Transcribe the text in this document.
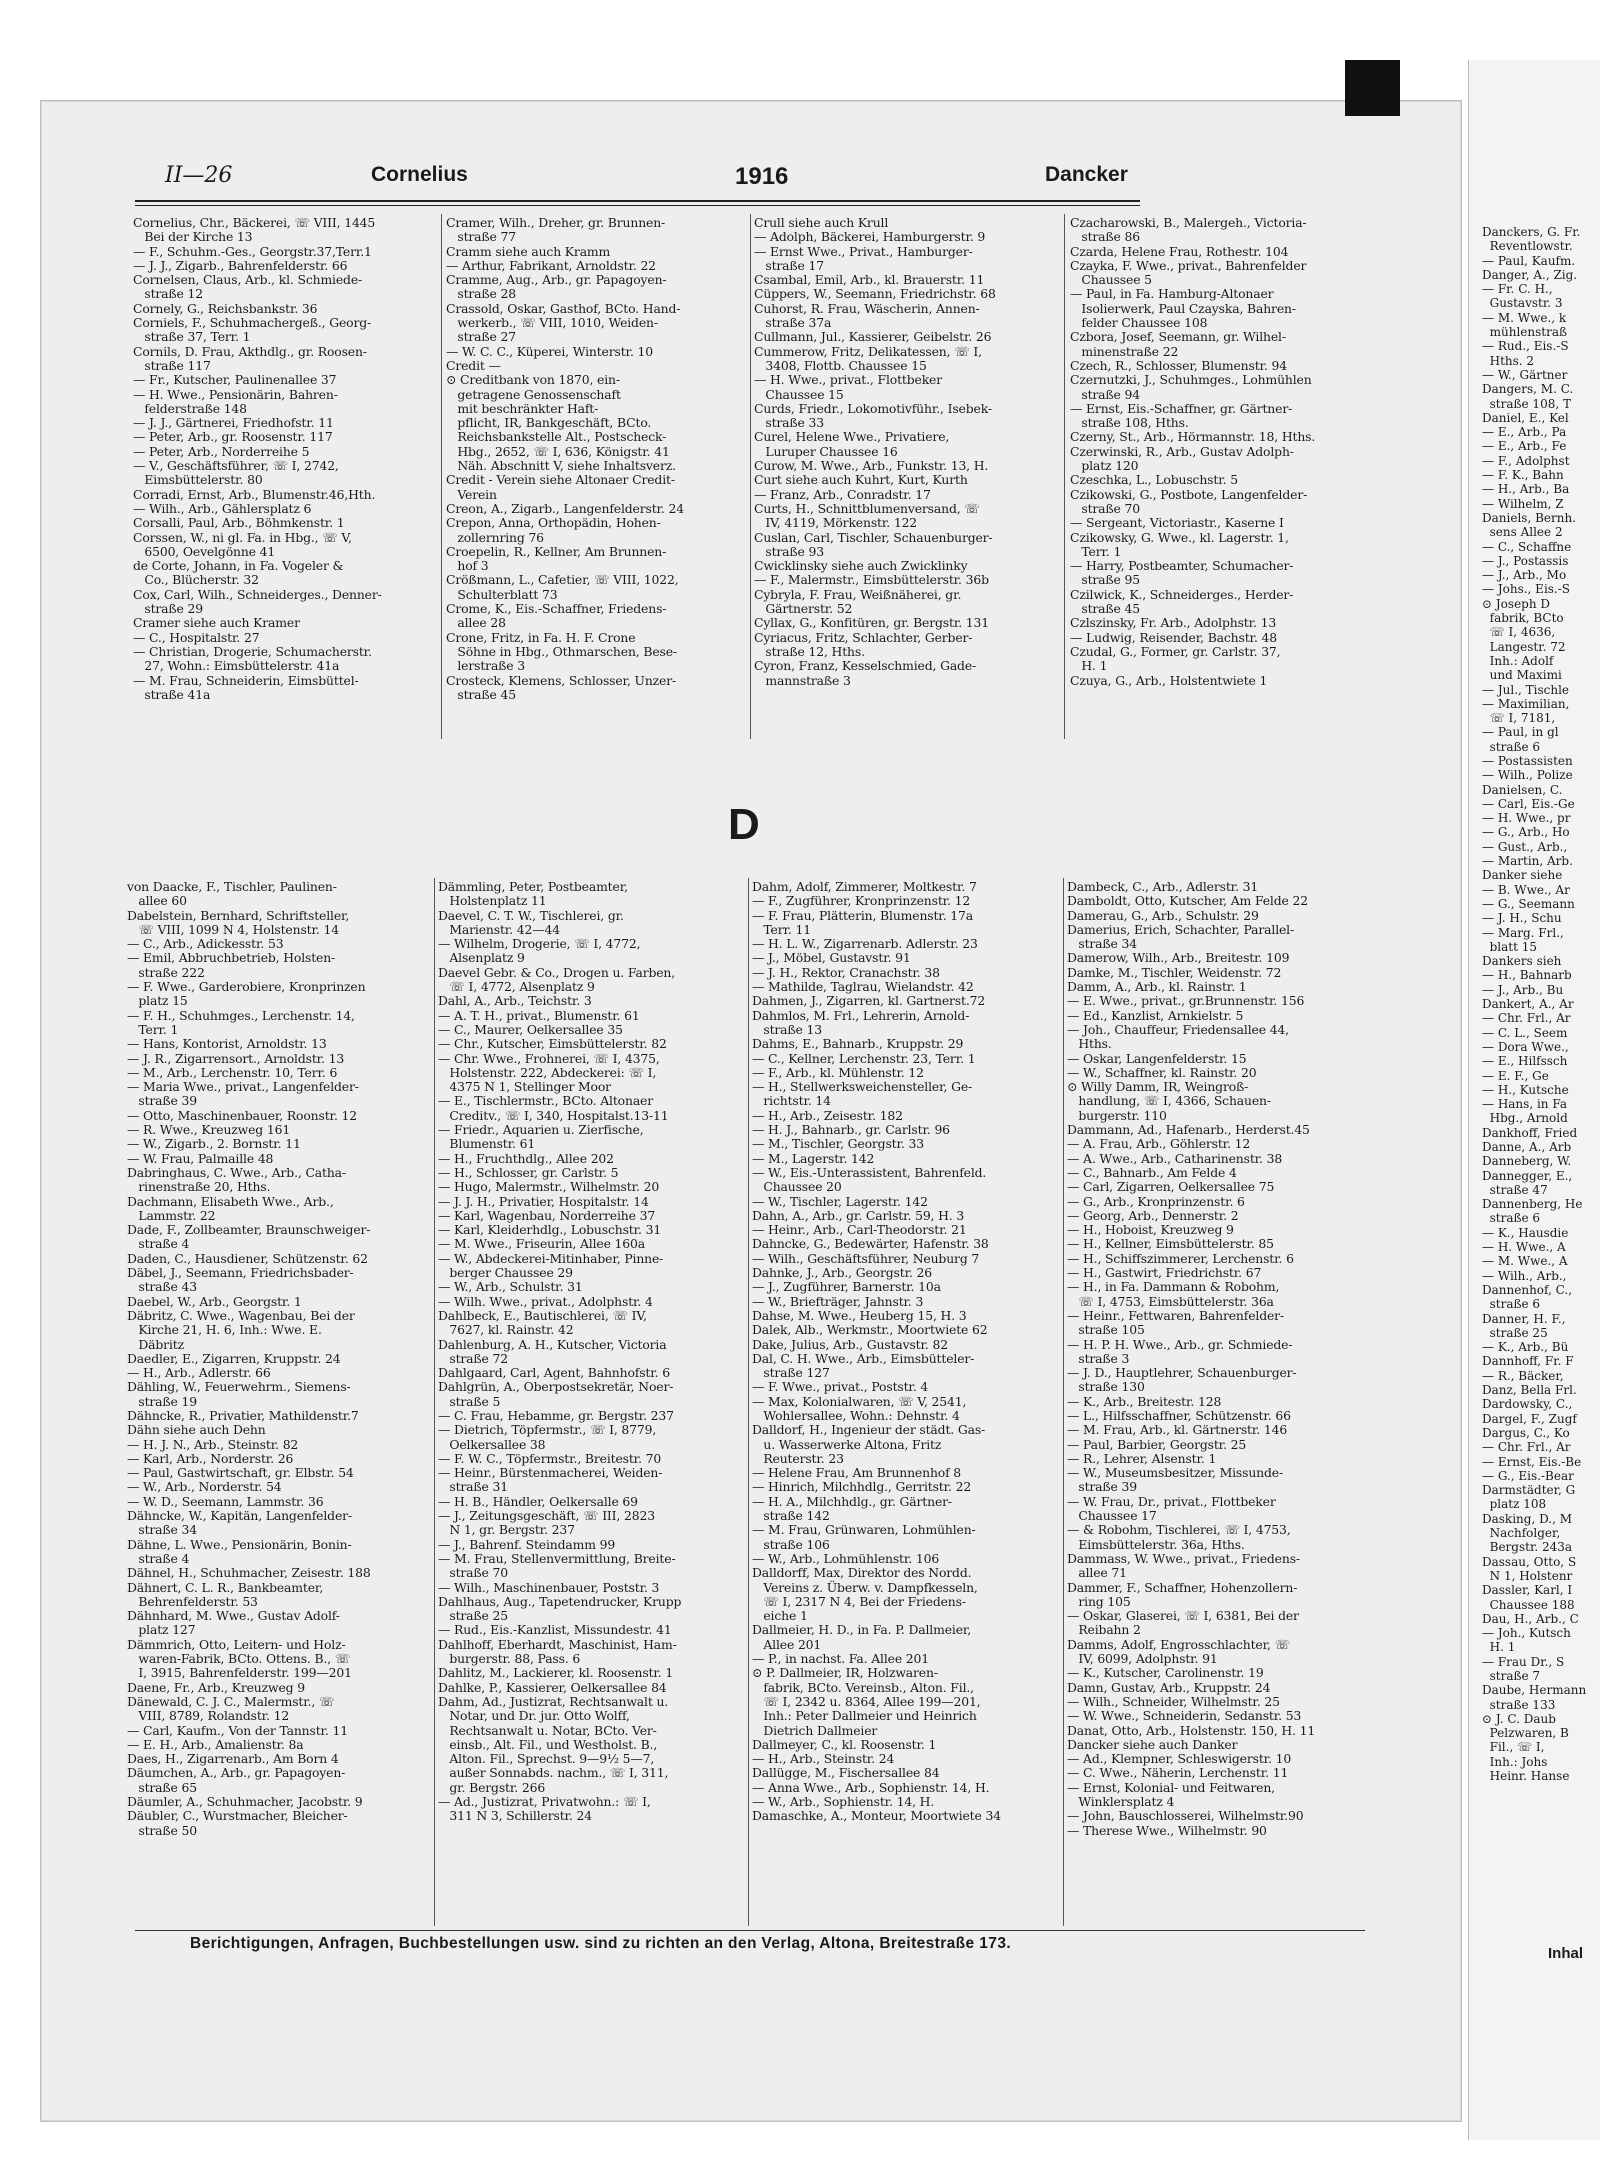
II—26	Cornelius	1916	Dancker
Cornelius, Chr., Bäckerei, ☏ VIII, 1445
Bei der Kirche 13
— F., Schuhm.-Ges., Georgstr.37,Terr.1
— J. J., Zigarb., Bahrenfelderstr. 66
Cornelsen, Claus, Arb., kl. Schmiede-
straße 12
Cornely, G., Reichsbankstr. 36
Corniels, F., Schuhmachergeß., Georg-
straße 37, Terr. 1
Cornils, D. Frau, Akthdlg., gr. Roosen-
straße 117
— Fr., Kutscher, Paulinenallee 37
— H. Wwe., Pensionärin, Bahren-
felderstraße 148
— J. J., Gärtnerei, Friedhofstr. 11
— Peter, Arb., gr. Roosenstr. 117
— Peter, Arb., Norderreihe 5
— V., Geschäftsführer, ☏ I, 2742,
Eimsbüttelerstr. 80
Corradi, Ernst, Arb., Blumenstr.46,Hth.
— Wilh., Arb., Gählersplatz 6
Corsalli, Paul, Arb., Böhmkenstr. 1
Corssen, W., ni gl. Fa. in Hbg., ☏ V,
6500, Oevelgönne 41
de Corte, Johann, in Fa. Vogeler &
Co., Blücherstr. 32
Cox, Carl, Wilh., Schneiderges., Denner-
straße 29
Cramer siehe auch Kramer
— C., Hospitalstr. 27
— Christian, Drogerie, Schumacherstr.
27, Wohn.: Eimsbüttelerstr. 41a
— M. Frau, Schneiderin, Eimsbüttel-
straße 41a
Cramer, Wilh., Dreher, gr. Brunnen-
straße 77
Cramm siehe auch Kramm
— Arthur, Fabrikant, Arnoldstr. 22
Cramme, Aug., Arb., gr. Papagoyen-
straße 28
Crassold, Oskar, Gasthof, BCto. Hand-
werkerb., ☏ VIII, 1010, Weiden-
straße 27
— W. C. C., Küperei, Winterstr. 10
Credit —
⊙ Creditbank von 1870, ein-
getragene Genossenschaft
mit beschränkter Haft-
pflicht, IR, Bankgeschäft, BCto.
Reichsbankstelle Alt., Postscheck-
Hbg., 2652, ☏ I, 636, Königstr. 41
Näh. Abschnitt V, siehe Inhaltsverz.
Credit - Verein siehe Altonaer Credit-
Verein
Creon, A., Zigarb., Langenfelderstr. 24
Crepon, Anna, Orthopädin, Hohen-
zollernring 76
Croepelin, R., Kellner, Am Brunnen-
hof 3
Crößmann, L., Cafetier, ☏ VIII, 1022,
Schulterblatt 73
Crome, K., Eis.-Schaffner, Friedens-
allee 28
Crone, Fritz, in Fa. H. F. Crone
Söhne in Hbg., Othmarschen, Bese-
lerstraße 3
Crosteck, Klemens, Schlosser, Unzer-
straße 45
Crull siehe auch Krull
— Adolph, Bäckerei, Hamburgerstr. 9
— Ernst Wwe., Privat., Hamburger-
straße 17
Csambal, Emil, Arb., kl. Brauerstr. 11
Cüppers, W., Seemann, Friedrichstr. 68
Cuhorst, R. Frau, Wäscherin, Annen-
straße 37a
Cullmann, Jul., Kassierer, Geibelstr. 26
Cummerow, Fritz, Delikatessen, ☏ I,
3408, Flottb. Chaussee 15
— H. Wwe., privat., Flottbeker
Chaussee 15
Curds, Friedr., Lokomotivführ., Isebek-
straße 33
Curel, Helene Wwe., Privatiere,
Luruper Chaussee 16
Curow, M. Wwe., Arb., Funkstr. 13, H.
Curt siehe auch Kuhrt, Kurt, Kurth
— Franz, Arb., Conradstr. 17
Curts, H., Schnittblumenversand, ☏
IV, 4119, Mörkenstr. 122
Cuslan, Carl, Tischler, Schauenburger-
straße 93
Cwicklinsky siehe auch Zwicklinky
— F., Malermstr., Eimsbüttelerstr. 36b
Cybryla, F. Frau, Weißnäherei, gr.
Gärtnerstr. 52
Cyllax, G., Konfitüren, gr. Bergstr. 131
Cyriacus, Fritz, Schlachter, Gerber-
straße 12, Hths.
Cyron, Franz, Kesselschmied, Gade-
mannstraße 3
Czacharowski, B., Malergeh., Victoria-
straße 86
Czarda, Helene Frau, Rothestr. 104
Czayka, F. Wwe., privat., Bahrenfelder
Chaussee 5
— Paul, in Fa. Hamburg-Altonaer
Isolierwerk, Paul Czayska, Bahren-
felder Chaussee 108
Czbora, Josef, Seemann, gr. Wilhel-
minenstraße 22
Czech, R., Schlosser, Blumenstr. 94
Czernutzki, J., Schuhmges., Lohmühlen
straße 94
— Ernst, Eis.-Schaffner, gr. Gärtner-
straße 108, Hths.
Czerny, St., Arb., Hörmannstr. 18, Hths.
Czerwinski, R., Arb., Gustav Adolph-
platz 120
Czeschka, L., Lobuschstr. 5
Czikowski, G., Postbote, Langenfelder-
straße 70
— Sergeant, Victoriastr., Kaserne I
Czikowsky, G. Wwe., kl. Lagerstr. 1,
Terr. 1
— Harry, Postbeamter, Schumacher-
straße 95
Czilwick, K., Schneiderges., Herder-
straße 45
Czlszinsky, Fr. Arb., Adolphstr. 13
— Ludwig, Reisender, Bachstr. 48
Czudal, G., Former, gr. Carlstr. 37,
H. 1
Czuya, G., Arb., Holstentwiete 1
D
von Daacke, F., Tischler, Paulinen-
allee 60
Dabelstein, Bernhard, Schriftsteller,
☏ VIII, 1099 N 4, Holstenstr. 14
— C., Arb., Adickesstr. 53
— Emil, Abbruchbetrieb, Holsten-
straße 222
— F. Wwe., Garderobiere, Kronprinzen
platz 15
— F. H., Schuhmges., Lerchenstr. 14,
Terr. 1
— Hans, Kontorist, Arnoldstr. 13
— J. R., Zigarrensort., Arnoldstr. 13
— M., Arb., Lerchenstr. 10, Terr. 6
— Maria Wwe., privat., Langenfelder-
straße 39
— Otto, Maschinenbauer, Roonstr. 12
— R. Wwe., Kreuzweg 161
— W., Zigarb., 2. Bornstr. 11
— W. Frau, Palmaille 48
Dabringhaus, C. Wwe., Arb., Catha-
rinenstraße 20, Hths.
Dachmann, Elisabeth Wwe., Arb.,
Lammstr. 22
Dade, F., Zollbeamter, Braunschweiger-
straße 4
Daden, C., Hausdiener, Schützenstr. 62
Däbel, J., Seemann, Friedrichsbader-
straße 43
Daebel, W., Arb., Georgstr. 1
Däbritz, C. Wwe., Wagenbau, Bei der
Kirche 21, H. 6, Inh.: Wwe. E.
Däbritz
Daedler, E., Zigarren, Kruppstr. 24
— H., Arb., Adlerstr. 66
Dähling, W., Feuerwehrm., Siemens-
straße 19
Dähncke, R., Privatier, Mathildenstr.7
Dähn siehe auch Dehn
— H. J. N., Arb., Steinstr. 82
— Karl, Arb., Norderstr. 26
— Paul, Gastwirtschaft, gr. Elbstr. 54
— W., Arb., Norderstr. 54
— W. D., Seemann, Lammstr. 36
Dähncke, W., Kapitän, Langenfelder-
straße 34
Dähne, L. Wwe., Pensionärin, Bonin-
straße 4
Dähnel, H., Schuhmacher, Zeisestr. 188
Dähnert, C. L. R., Bankbeamter,
Behrenfelderstr. 53
Dähnhard, M. Wwe., Gustav Adolf-
platz 127
Dämmrich, Otto, Leitern- und Holz-
waren-Fabrik, BCto. Ottens. B., ☏
I, 3915, Bahrenfelderstr. 199—201
Daene, Fr., Arb., Kreuzweg 9
Dänewald, C. J. C., Malermstr., ☏
VIII, 8789, Rolandstr. 12
— Carl, Kaufm., Von der Tannstr. 11
— E. H., Arb., Amalienstr. 8a
Daes, H., Zigarrenarb., Am Born 4
Däumchen, A., Arb., gr. Papagoyen-
straße 65
Däumler, A., Schuhmacher, Jacobstr. 9
Däubler, C., Wurstmacher, Bleicher-
straße 50
Dämmling, Peter, Postbeamter,
Holstenplatz 11
Daevel, C. T. W., Tischlerei, gr.
Marienstr. 42—44
— Wilhelm, Drogerie, ☏ I, 4772,
Alsenplatz 9
Daevel Gebr. & Co., Drogen u. Farben,
☏ I, 4772, Alsenplatz 9
Dahl, A., Arb., Teichstr. 3
— A. T. H., privat., Blumenstr. 61
— C., Maurer, Oelkersallee 35
— Chr., Kutscher, Eimsbüttelerstr. 82
— Chr. Wwe., Frohnerei, ☏ I, 4375,
Holstenstr. 222, Abdeckerei: ☏ I,
4375 N 1, Stellinger Moor
— E., Tischlermstr., BCto. Altonaer
Creditv., ☏ I, 340, Hospitalst.13-11
— Friedr., Aquarien u. Zierfische,
Blumenstr. 61
— H., Fruchthdlg., Allee 202
— H., Schlosser, gr. Carlstr. 5
— Hugo, Malermstr., Wilhelmstr. 20
— J. J. H., Privatier, Hospitalstr. 14
— Karl, Wagenbau, Norderreihe 37
— Karl, Kleiderhdlg., Lobuschstr. 31
— M. Wwe., Friseurin, Allee 160a
— W., Abdeckerei-Mitinhaber, Pinne-
berger Chaussee 29
— W., Arb., Schulstr. 31
— Wilh. Wwe., privat., Adolphstr. 4
Dahlbeck, E., Bautischlerei, ☏ IV,
7627, kl. Rainstr. 42
Dahlenburg, A. H., Kutscher, Victoria
straße 72
Dahlgaard, Carl, Agent, Bahnhofstr. 6
Dahlgrün, A., Oberpostsekretär, Noer-
straße 5
— C. Frau, Hebamme, gr. Bergstr. 237
— Dietrich, Töpfermstr., ☏ I, 8779,
Oelkersallee 38
— F. W. C., Töpfermstr., Breitestr. 70
— Heinr., Bürstenmacherei, Weiden-
straße 31
— H. B., Händler, Oelkersalle 69
— J., Zeitungsgeschäft, ☏ III, 2823
N 1, gr. Bergstr. 237
— J., Bahrenf. Steindamm 99
— M. Frau, Stellenvermittlung, Breite-
straße 70
— Wilh., Maschinenbauer, Poststr. 3
Dahlhaus, Aug., Tapetendrucker, Krupp
straße 25
— Rud., Eis.-Kanzlist, Missundestr. 41
Dahlhoff, Eberhardt, Maschinist, Ham-
burgerstr. 88, Pass. 6
Dahlitz, M., Lackierer, kl. Roosenstr. 1
Dahlke, P., Kassierer, Oelkersallee 84
Dahm, Ad., Justizrat, Rechtsanwalt u.
Notar, und Dr. jur. Otto Wolff,
Rechtsanwalt u. Notar, BCto. Ver-
einsb., Alt. Fil., und Westholst. B.,
Alton. Fil., Sprechst. 9—9½ 5—7,
außer Sonnabds. nachm., ☏ I, 311,
gr. Bergstr. 266
— Ad., Justizrat, Privatwohn.: ☏ I,
311 N 3, Schillerstr. 24
Dahm, Adolf, Zimmerer, Moltkestr. 7
— F., Zugführer, Kronprinzenstr. 12
— F. Frau, Plätterin, Blumenstr. 17a
Terr. 11
— H. L. W., Zigarrenarb. Adlerstr. 23
— J., Möbel, Gustavstr. 91
— J. H., Rektor, Cranachstr. 38
— Mathilde, Taglrau, Wielandstr. 42
Dahmen, J., Zigarren, kl. Gartnerst.72
Dahmlos, M. Frl., Lehrerin, Arnold-
straße 13
Dahms, E., Bahnarb., Kruppstr. 29
— C., Kellner, Lerchenstr. 23, Terr. 1
— F., Arb., kl. Mühlenstr. 12
— H., Stellwerksweichensteller, Ge-
richtstr. 14
— H., Arb., Zeisestr. 182
— H. J., Bahnarb., gr. Carlstr. 96
— M., Tischler, Georgstr. 33
— M., Lagerstr. 142
— W., Eis.-Unterassistent, Bahrenfeld.
Chaussee 20
— W., Tischler, Lagerstr. 142
Dahn, A., Arb., gr. Carlstr. 59, H. 3
— Heinr., Arb., Carl-Theodorstr. 21
Dahncke, G., Bedewärter, Hafenstr. 38
— Wilh., Geschäftsführer, Neuburg 7
Dahnke, J., Arb., Georgstr. 26
— J., Zugführer, Barnerstr. 10a
— W., Briefträger, Jahnstr. 3
Dahse, M. Wwe., Heuberg 15, H. 3
Dalek, Alb., Werkmstr., Moortwiete 62
Dake, Julius, Arb., Gustavstr. 82
Dal, C. H. Wwe., Arb., Eimsbütteler-
straße 127
— F. Wwe., privat., Poststr. 4
— Max, Kolonialwaren, ☏ V, 2541,
Wohlersallee, Wohn.: Dehnstr. 4
Dalldorf, H., Ingenieur der städt. Gas-
u. Wasserwerke Altona, Fritz
Reuterstr. 23
— Helene Frau, Am Brunnenhof 8
— Hinrich, Milchhdlg., Gerritstr. 22
— H. A., Milchhdlg., gr. Gärtner-
straße 142
— M. Frau, Grünwaren, Lohmühlen-
straße 106
— W., Arb., Lohmühlenstr. 106
Dalldorff, Max, Direktor des Nordd.
Vereins z. Überw. v. Dampfkesseln,
☏ I, 2317 N 4, Bei der Friedens-
eiche 1
Dallmeier, H. D., in Fa. P. Dallmeier,
Allee 201
— P., in nachst. Fa. Allee 201
⊙ P. Dallmeier, IR, Holzwaren-
fabrik, BCto. Vereinsb., Alton. Fil.,
☏ I, 2342 u. 8364, Allee 199—201,
Inh.: Peter Dallmeier und Heinrich
Dietrich Dallmeier
Dallmeyer, C., kl. Roosenstr. 1
— H., Arb., Steinstr. 24
Dallügge, M., Fischersallee 84
— Anna Wwe., Arb., Sophienstr. 14, H.
— W., Arb., Sophienstr. 14, H.
Damaschke, A., Monteur, Moortwiete 34
Dambeck, C., Arb., Adlerstr. 31
Damboldt, Otto, Kutscher, Am Felde 22
Damerau, G., Arb., Schulstr. 29
Damerius, Erich, Schachter, Parallel-
straße 34
Damerow, Wilh., Arb., Breitestr. 109
Damke, M., Tischler, Weidenstr. 72
Damm, A., Arb., kl. Rainstr. 1
— E. Wwe., privat., gr.Brunnenstr. 156
— Ed., Kanzlist, Arnkielstr. 5
— Joh., Chauffeur, Friedensallee 44,
Hths.
— Oskar, Langenfelderstr. 15
— W., Schaffner, kl. Rainstr. 20
⊙ Willy Damm, IR, Weingroß-
handlung, ☏ I, 4366, Schauen-
burgerstr. 110
Dammann, Ad., Hafenarb., Herderst.45
— A. Frau, Arb., Göhlerstr. 12
— A. Wwe., Arb., Catharinenstr. 38
— C., Bahnarb., Am Felde 4
— Carl, Zigarren, Oelkersallee 75
— G., Arb., Kronprinzenstr. 6
— Georg, Arb., Dennerstr. 2
— H., Hoboist, Kreuzweg 9
— H., Kellner, Eimsbüttelerstr. 85
— H., Schiffszimmerer, Lerchenstr. 6
— H., Gastwirt, Friedrichstr. 67
— H., in Fa. Dammann & Robohm,
☏ I, 4753, Eimsbüttelerstr. 36a
— Heinr., Fettwaren, Bahrenfelder-
straße 105
— H. P. H. Wwe., Arb., gr. Schmiede-
straße 3
— J. D., Hauptlehrer, Schauenburger-
straße 130
— K., Arb., Breitestr. 128
— L., Hilfsschaffner, Schützenstr. 66
— M. Frau, Arb., kl. Gärtnerstr. 146
— Paul, Barbier, Georgstr. 25
— R., Lehrer, Alsenstr. 1
— W., Museumsbesitzer, Missunde-
straße 39
— W. Frau, Dr., privat., Flottbeker
Chaussee 17
— & Robohm, Tischlerei, ☏ I, 4753,
Eimsbüttelerstr. 36a, Hths.
Dammass, W. Wwe., privat., Friedens-
allee 71
Dammer, F., Schaffner, Hohenzollern-
ring 105
— Oskar, Glaserei, ☏ I, 6381, Bei der
Reibahn 2
Damms, Adolf, Engrosschlachter, ☏
IV, 6099, Adolphstr. 91
— K., Kutscher, Carolinenstr. 19
Damn, Gustav, Arb., Kruppstr. 24
— Wilh., Schneider, Wilhelmstr. 25
— W. Wwe., Schneiderin, Sedanstr. 53
Danat, Otto, Arb., Holstenstr. 150, H. 11
Dancker siehe auch Danker
— Ad., Klempner, Schleswigerstr. 10
— C. Wwe., Näherin, Lerchenstr. 11
— Ernst, Kolonial- und Feitwaren,
Winklersplatz 4
— John, Bauschlosserei, Wilhelmstr.90
— Therese Wwe., Wilhelmstr. 90
Berichtigungen, Anfragen, Buchbestellungen usw. sind zu richten an den Verlag, Altona, Breitestraße 173.
Danckers, G. Fr.
Reventlowstr.
— Paul, Kaufm.
Danger, A., Zig.
— Fr. C. H.,
Gustavstr. 3
— M. Wwe., k
mühlenstraß
— Rud., Eis.-S
Hths. 2
— W., Gärtner
Dangers, M. C.
straße 108, T
Daniel, E., Kel
— E., Arb., Pa
— E., Arb., Fe
— F., Adolphst
— F. K., Bahn
— H., Arb., Ba
— Wilhelm, Z
Daniels, Bernh.
sens Allee 2
— C., Schaffne
— J., Postassis
— J., Arb., Mo
— Johs., Eis.-S
⊙ Joseph D
fabrik, BCto
☏ I, 4636,
Langestr. 72
Inh.: Adolf
und Maximi
— Jul., Tischle
— Maximilian,
☏ I, 7181,
— Paul, in gl
straße 6
— Postassisten
— Wilh., Polize
Danielsen, C.
— Carl, Eis.-Ge
— H. Wwe., pr
— G., Arb., Ho
— Gust., Arb.,
— Martin, Arb.
Danker siehe
— B. Wwe., Ar
— G., Seemann
— J. H., Schu
— Marg. Frl.,
blatt 15
Dankers sieh
— H., Bahnarb
— J., Arb., Bu
Dankert, A., Ar
— Chr. Frl., Ar
— C. L., Seem
— Dora Wwe.,
— E., Hilfssch
— E. F., Ge
— H., Kutsche
— Hans, in Fa
Hbg., Arnold
Dankhoff, Fried
Danne, A., Arb
Danneberg, W.
Dannegger, E.,
straße 47
Dannenberg, He
straße 6
— K., Hausdie
— H. Wwe., A
— M. Wwe., A
— Wilh., Arb.,
Dannenhof, C.,
straße 6
Danner, H. F.,
straße 25
— K., Arb., Bü
Dannhoff, Fr. F
— R., Bäcker,
Danz, Bella Frl.
Dardowsky, C.,
Dargel, F., Zugf
Dargus, C., Ko
— Chr. Frl., Ar
— Ernst, Eis.-Be
— G., Eis.-Bear
Darmstädter, G
platz 108
Dasking, D., M
Nachfolger,
Bergstr. 243a
Dassau, Otto, S
N 1, Holstenr
Dassler, Karl, I
Chaussee 188
Dau, H., Arb., C
— Joh., Kutsch
H. 1
— Frau Dr., S
straße 7
Daube, Hermann
straße 133
⊙ J. C. Daub
Pelzwaren, B
Fil., ☏ I,
Inh.: Johs
Heinr. Hanse
Inhal
